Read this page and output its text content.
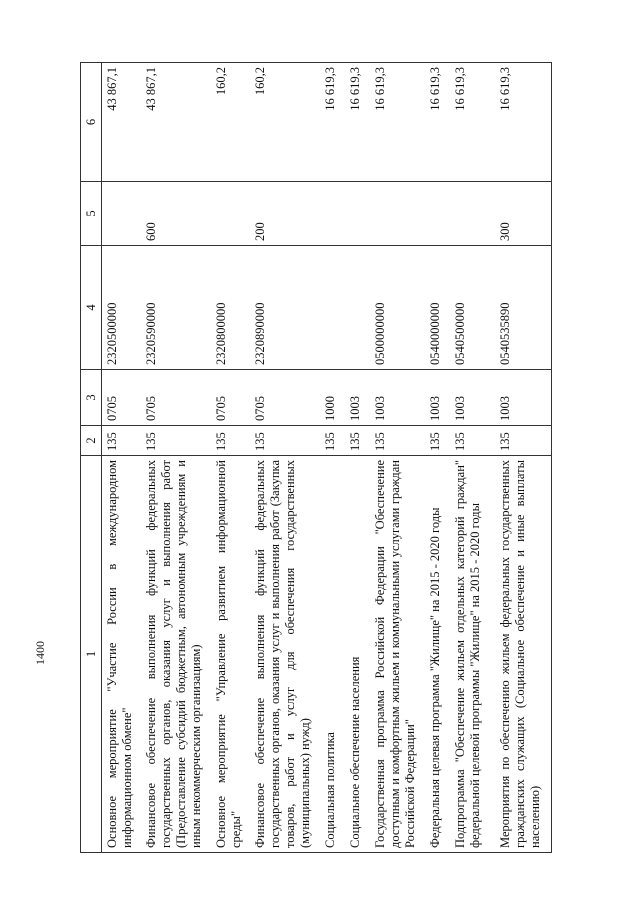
1400	1	2	3	4	5	6
Основное мероприятие "Участие России в международном информационном обмене"	135	0705	2320500000		43 867,1
Финансовое обеспечение выполнения функций федеральных государственных органов, оказания услуг и выполнения работ (Предоставление субсидий бюджетным, автономным учреждениям и иным некоммерческим организациям)	135	0705	2320590000	600	43 867,1
Основное мероприятие "Управление развитием информационной среды"	135	0705	2320800000		160,2
Финансовое обеспечение выполнения функций федеральных государственных органов, оказания услуг и выполнения работ (Закупка товаров, работ и услуг для обеспечения государственных (муниципальных) нужд)	135	0705	2320890000	200	160,2
Социальная политика	135	1000			16 619,3
Социальное обеспечение населения	135	1003			16 619,3
Государственная программа Российской Федерации "Обеспечение доступным и комфортным жильем и коммунальными услугами граждан Российской Федерации"	135	1003	0500000000		16 619,3
Федеральная целевая программа "Жилище" на 2015 - 2020 годы	135	1003	0540000000		16 619,3
Подпрограмма "Обеспечение жильем отдельных категорий граждан" федеральной целевой программы "Жилище" на 2015 - 2020 годы	135	1003	0540500000		16 619,3
Мероприятия по обеспечению жильем федеральных государственных гражданских служащих (Социальное обеспечение и иные выплаты населению)	135	1003	0540535890	300	16 619,3
